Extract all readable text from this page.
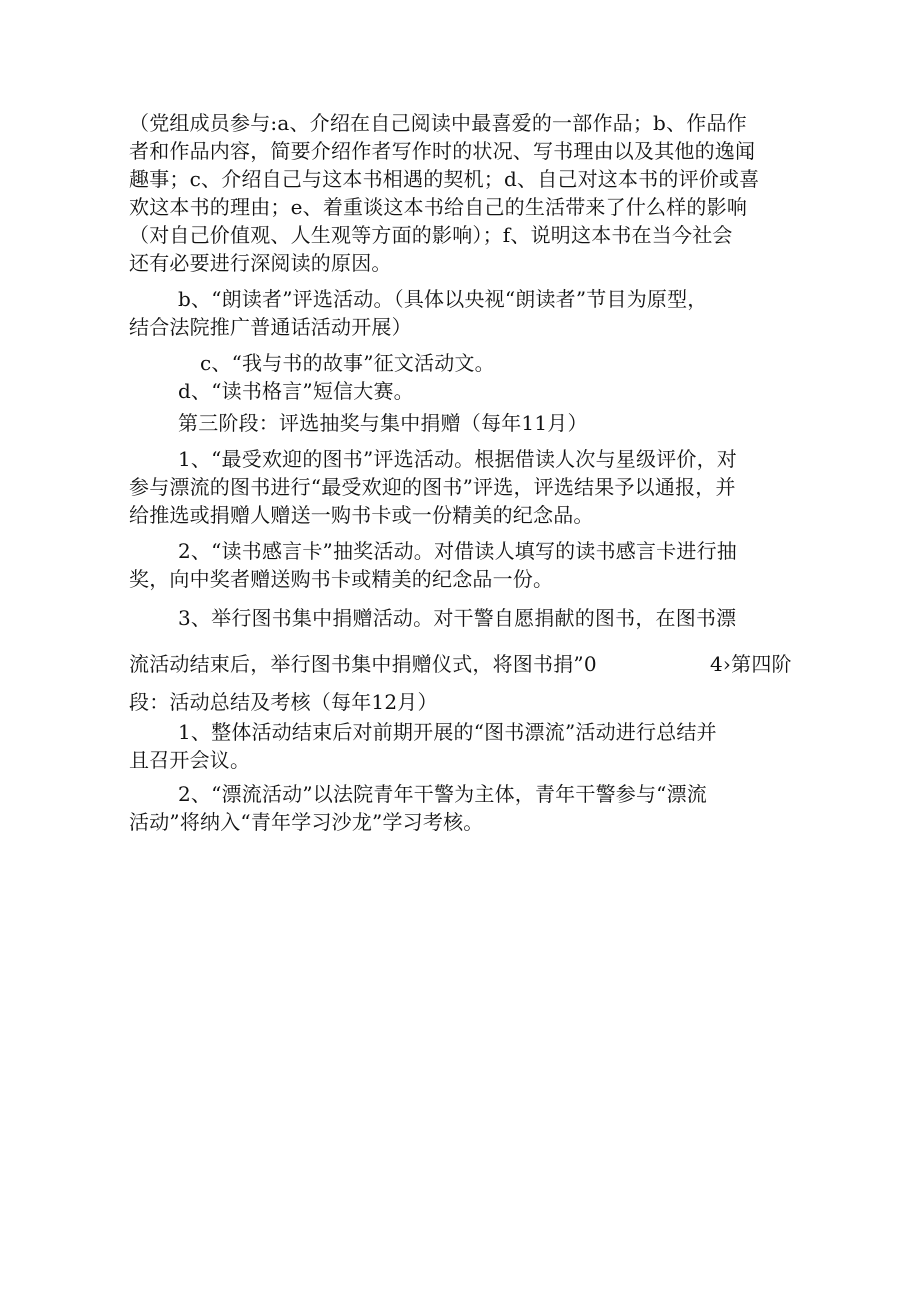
（党组成员参与:a、介绍在自己阅读中最喜爱的一部作品；b、作品作
者和作品内容，简要介绍作者写作时的状况、写书理由以及其他的逸闻
趣事；c、介绍自己与这本书相遇的契机；d、自己对这本书的评价或喜
欢这本书的理由；e、着重谈这本书给自己的生活带来了什么样的影响
（对自己价值观、人生观等方面的影响）；f、说明这本书在当今社会
还有必要进行深阅读的原因。
b、“朗读者”评选活动。（具体以央视“朗读者”节目为原型，
结合法院推广普通话活动开展）
c、“我与书的故事”征文活动文。
d、“读书格言”短信大赛。
第三阶段：评选抽奖与集中捐赠（每年11月）
1、“最受欢迎的图书”评选活动。根据借读人次与星级评价，对
参与漂流的图书进行“最受欢迎的图书”评选，评选结果予以通报，并
给推选或捐赠人赠送一购书卡或一份精美的纪念品。
2、“读书感言卡”抽奖活动。对借读人填写的读书感言卡进行抽
奖，向中奖者赠送购书卡或精美的纪念品一份。
3、举行图书集中捐赠活动。对干警自愿捐献的图书，在图书漂
流活动结束后，举行图书集中捐赠仪式，将图书捐”0	4›第四阶
段：活动总结及考核（每年12月）
1、整体活动结束后对前期开展的“图书漂流”活动进行总结并
且召开会议。
2、“漂流活动”以法院青年干警为主体，青年干警参与“漂流
活动”将纳入“青年学习沙龙”学习考核。
